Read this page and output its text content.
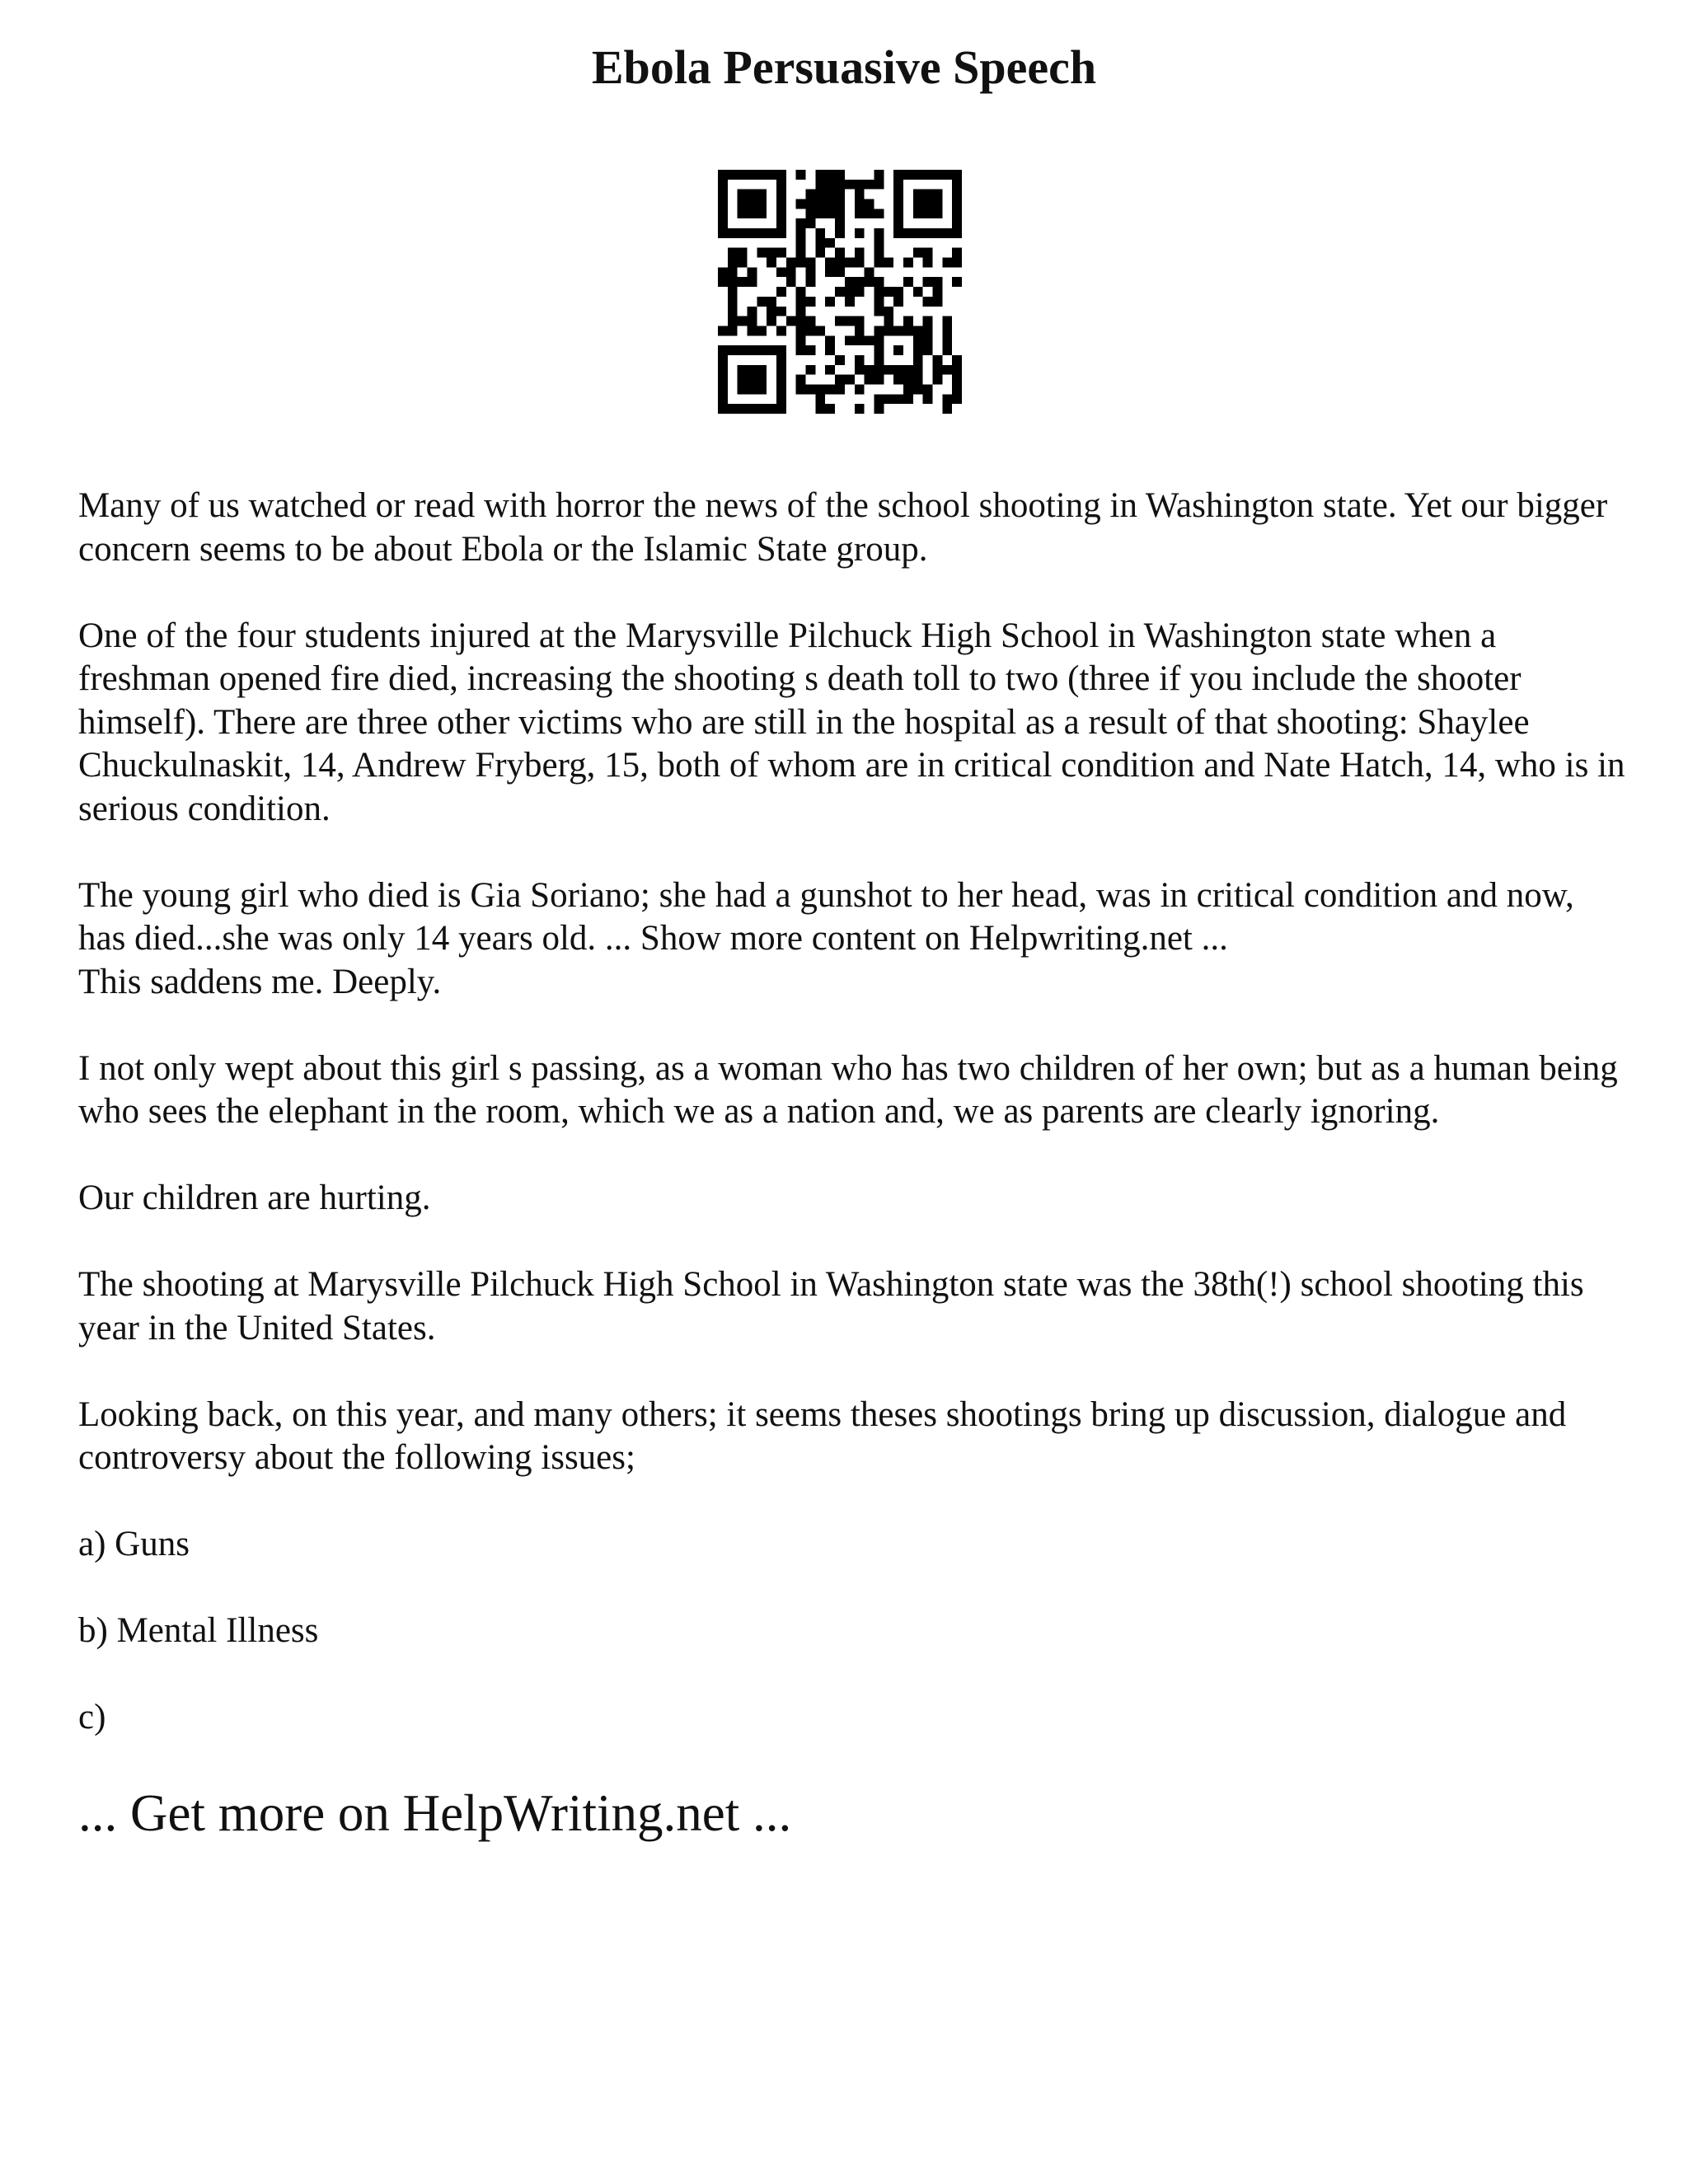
Ebola Persuasive Speech

Many of us watched or read with horror the news of the school shooting in Washington state. Yet our bigger concern seems to be about Ebola or the Islamic State group.

One of the four students injured at the Marysville Pilchuck High School in Washington state when a freshman opened fire died, increasing the shooting s death toll to two (three if you include the shooter himself). There are three other victims who are still in the hospital as a result of that shooting: Shaylee Chuckulnaskit, 14, Andrew Fryberg, 15, both of whom are in critical condition and Nate Hatch, 14, who is in serious condition.

The young girl who died is Gia Soriano; she had a gunshot to her head, was in critical condition and now, has died...she was only 14 years old. ... Show more content on Helpwriting.net ...

This saddens me. Deeply.

I not only wept about this girl s passing, as a woman who has two children of her own; but as a human being who sees the elephant in the room, which we as a nation and, we as parents are clearly ignoring.

Our children are hurting.

The shooting at Marysville Pilchuck High School in Washington state was the 38th(!) school shooting this year in the United States.

Looking back, on this year, and many others; it seems theses shootings bring up discussion, dialogue and controversy about the following issues;

a) Guns

b) Mental Illness

c)

... Get more on HelpWriting.net ...
